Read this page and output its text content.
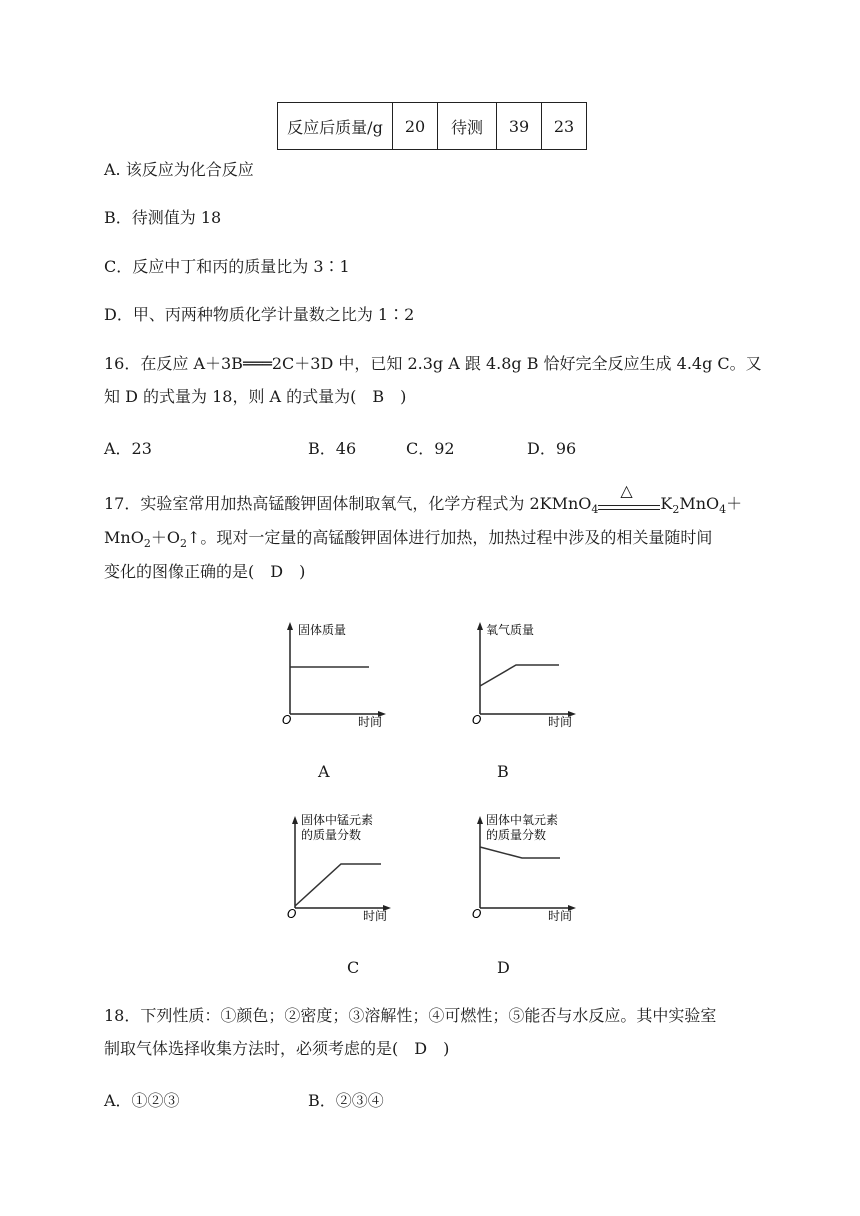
反应后质量/g	20	待测	39	23
A. 该反应为化合反应
B．待测值为 18
C．反应中丁和丙的质量比为 3∶1
D．甲、丙两种物质化学计量数之比为 1∶2
16．在反应 A＋3B═══2C＋3D 中，已知 2.3g A 跟 4.8g B 恰好完全反应生成 4.4g C。又
知 D 的式量为 18，则 A 的式量为(　B　)
A．23	B．46	C．92	D．96
17．实验室常用加热高锰酸钾固体制取氧气，化学方程式为 2KMnO$_4$
△
$K_2MnO_4+$
$MnO_2+O_2↑$。现对一定量的高锰酸钾固体进行加热，加热过程中涉及的相关量随时间
变化的图像正确的是(　D　)
固体质量
O	时间
A
氧气质量
O	时间
B
固体中锰元素
的质量分数
O	时间
C
固体中氧元素
的质量分数
O	时间
D
18．下列性质：①颜色；②密度；③溶解性；④可燃性；⑤能否与水反应。其中实验室
制取气体选择收集方法时，必须考虑的是(　D　)
A．①②③	B．②③④
